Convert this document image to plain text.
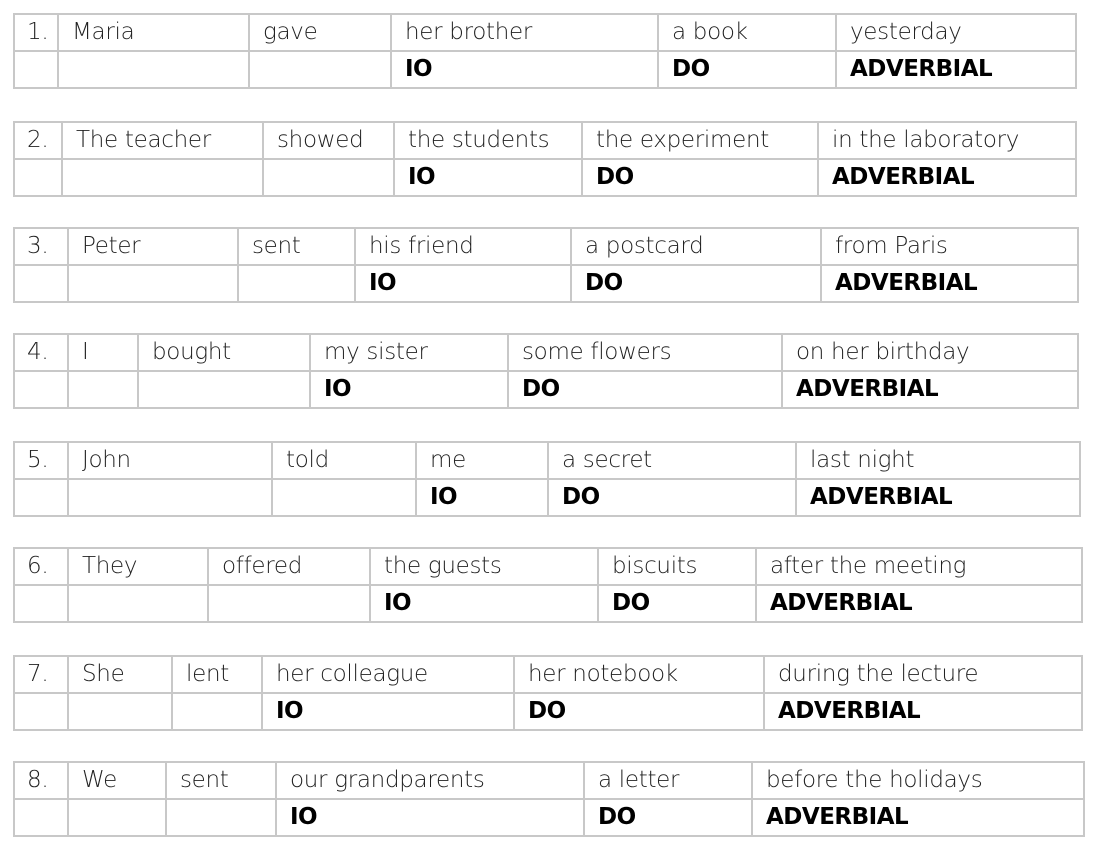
1.	Maria	gave	her brother	a book	yesterday
			IO	DO	ADVERBIAL
2.	The teacher	showed	the students	the experiment	in the laboratory
			IO	DO	ADVERBIAL
3.	Peter	sent	his friend	a postcard	from Paris
			IO	DO	ADVERBIAL
4.	I	bought	my sister	some flowers	on her birthday
			IO	DO	ADVERBIAL
5.	John	told	me	a secret	last night
			IO	DO	ADVERBIAL
6.	They	offered	the guests	biscuits	after the meeting
			IO	DO	ADVERBIAL
7.	She	lent	her colleague	her notebook	during the lecture
			IO	DO	ADVERBIAL
8.	We	sent	our grandparents	a letter	before the holidays
			IO	DO	ADVERBIAL
